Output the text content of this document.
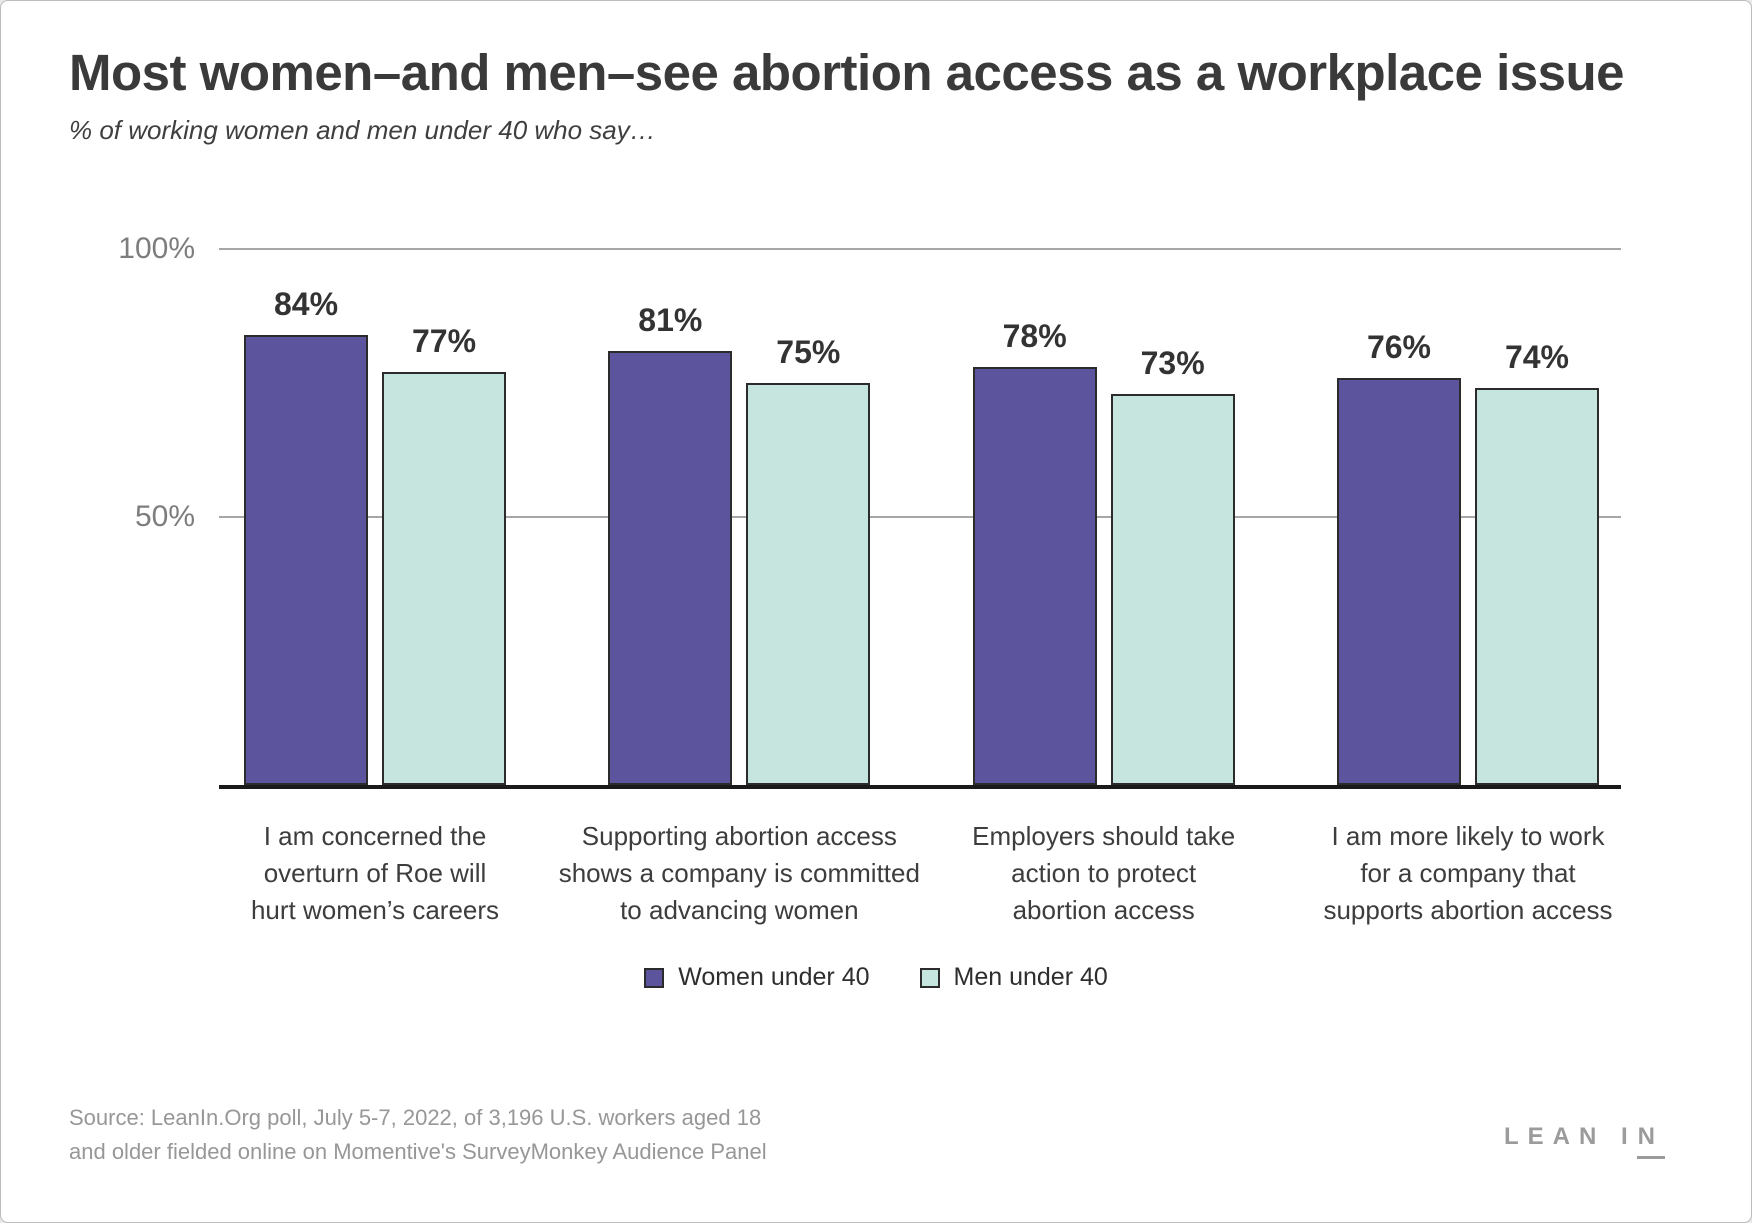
Most women–and men–see abortion access as a workplace issue
% of working women and men under 40 who say…
84%
77%
81%
75%	78%
73%	76% 74%
100%
50%
I am concerned the
overturn of Roe will
hurt women’s careers
Supporting abortion access
shows a company is committed
to advancing women
Employers should take
action to protect
abortion access
I am more likely to work
for a company that
supports abortion access
Women under 40	Men under 40
Source: LeanIn.Org poll, July 5-7, 2022, of 3,196 U.S. workers aged 18
and older fielded online on Momentive's SurveyMonkey Audience Panel
LEAN IN
